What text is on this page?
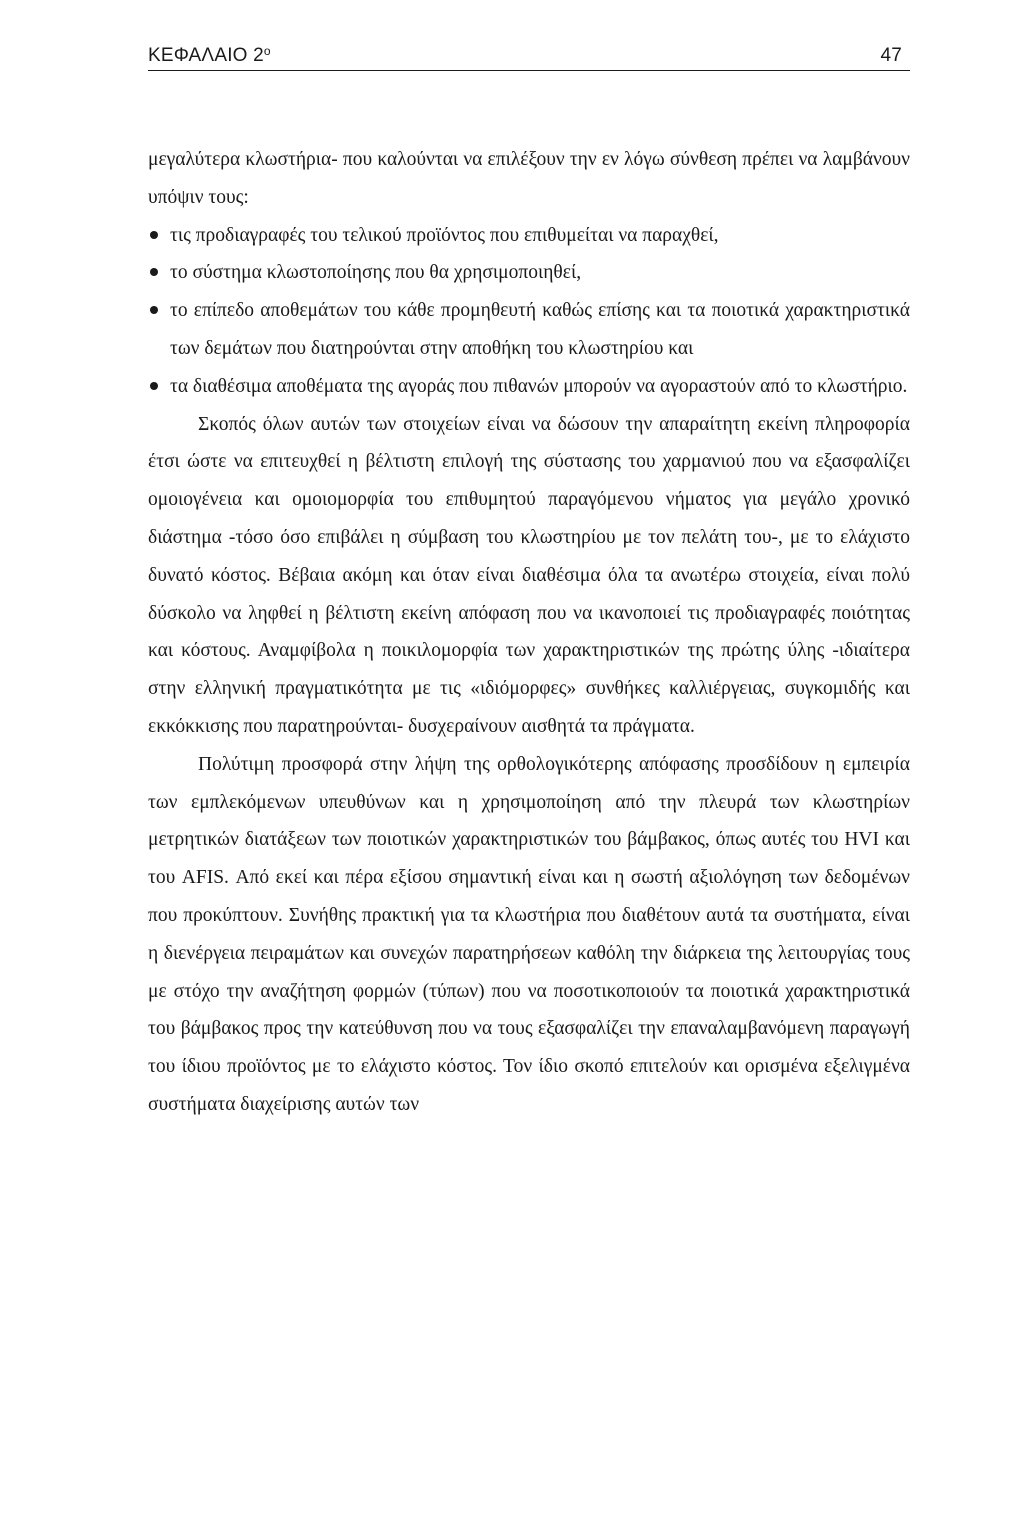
ΚΕΦΑΛΑΙΟ $2^o$	47

μεγαλύτερα κλωστήρια- που καλούνται να επιλέξουν την εν λόγω σύνθεση πρέπει να λαμβάνουν υπόψιν τους:

τις προδιαγραφές του τελικού προϊόντος που επιθυμείται να παραχθεί,
το σύστημα κλωστοποίησης που θα χρησιμοποιηθεί,
το επίπεδο αποθεμάτων του κάθε προμηθευτή καθώς επίσης και τα ποιοτικά χαρακτηριστικά των δεμάτων που διατηρούνται στην αποθήκη του κλωστηρίου και
τα διαθέσιμα αποθέματα της αγοράς που πιθανών μπορούν να αγοραστούν από το κλωστήριο.

Σκοπός όλων αυτών των στοιχείων είναι να δώσουν την απαραίτητη εκείνη πληροφορία έτσι ώστε να επιτευχθεί η βέλτιστη επιλογή της σύστασης του χαρμανιού που να εξασφαλίζει ομοιογένεια και ομοιομορφία του επιθυμητού παραγόμενου νήματος για μεγάλο χρονικό διάστημα -τόσο όσο επιβάλει η σύμβαση του κλωστηρίου με τον πελάτη του-, με το ελάχιστο δυνατό κόστος. Βέβαια ακόμη και όταν είναι διαθέσιμα όλα τα ανωτέρω στοιχεία, είναι πολύ δύσκολο να ληφθεί η βέλτιστη εκείνη απόφαση που να ικανοποιεί τις προδιαγραφές ποιότητας και κόστους. Αναμφίβολα η ποικιλομορφία των χαρακτηριστικών της πρώτης ύλης -ιδιαίτερα στην ελληνική πραγματικότητα με τις «ιδιόμορφες» συνθήκες καλλιέργειας, συγκομιδής και εκκόκκισης που παρατηρούνται- δυσχεραίνουν αισθητά τα πράγματα.

Πολύτιμη προσφορά στην λήψη της ορθολογικότερης απόφασης προσδίδουν η εμπειρία των εμπλεκόμενων υπευθύνων και η χρησιμοποίηση από την πλευρά των κλωστηρίων μετρητικών διατάξεων των ποιοτικών χαρακτηριστικών του βάμβακος, όπως αυτές του HVI και του AFIS. Από εκεί και πέρα εξίσου σημαντική είναι και η σωστή αξιολόγηση των δεδομένων που προκύπτουν. Συνήθης πρακτική για τα κλωστήρια που διαθέτουν αυτά τα συστήματα, είναι η διενέργεια πειραμάτων και συνεχών παρατηρήσεων καθόλη την διάρκεια της λειτουργίας τους με στόχο την αναζήτηση φορμών (τύπων) που να ποσοτικοποιούν τα ποιοτικά χαρακτηριστικά του βάμβακος προς την κατεύθυνση που να τους εξασφαλίζει την επαναλαμβανόμενη παραγωγή του ίδιου προϊόντος με το ελάχιστο κόστος. Τον ίδιο σκοπό επιτελούν και ορισμένα εξελιγμένα συστήματα διαχείρισης αυτών των
